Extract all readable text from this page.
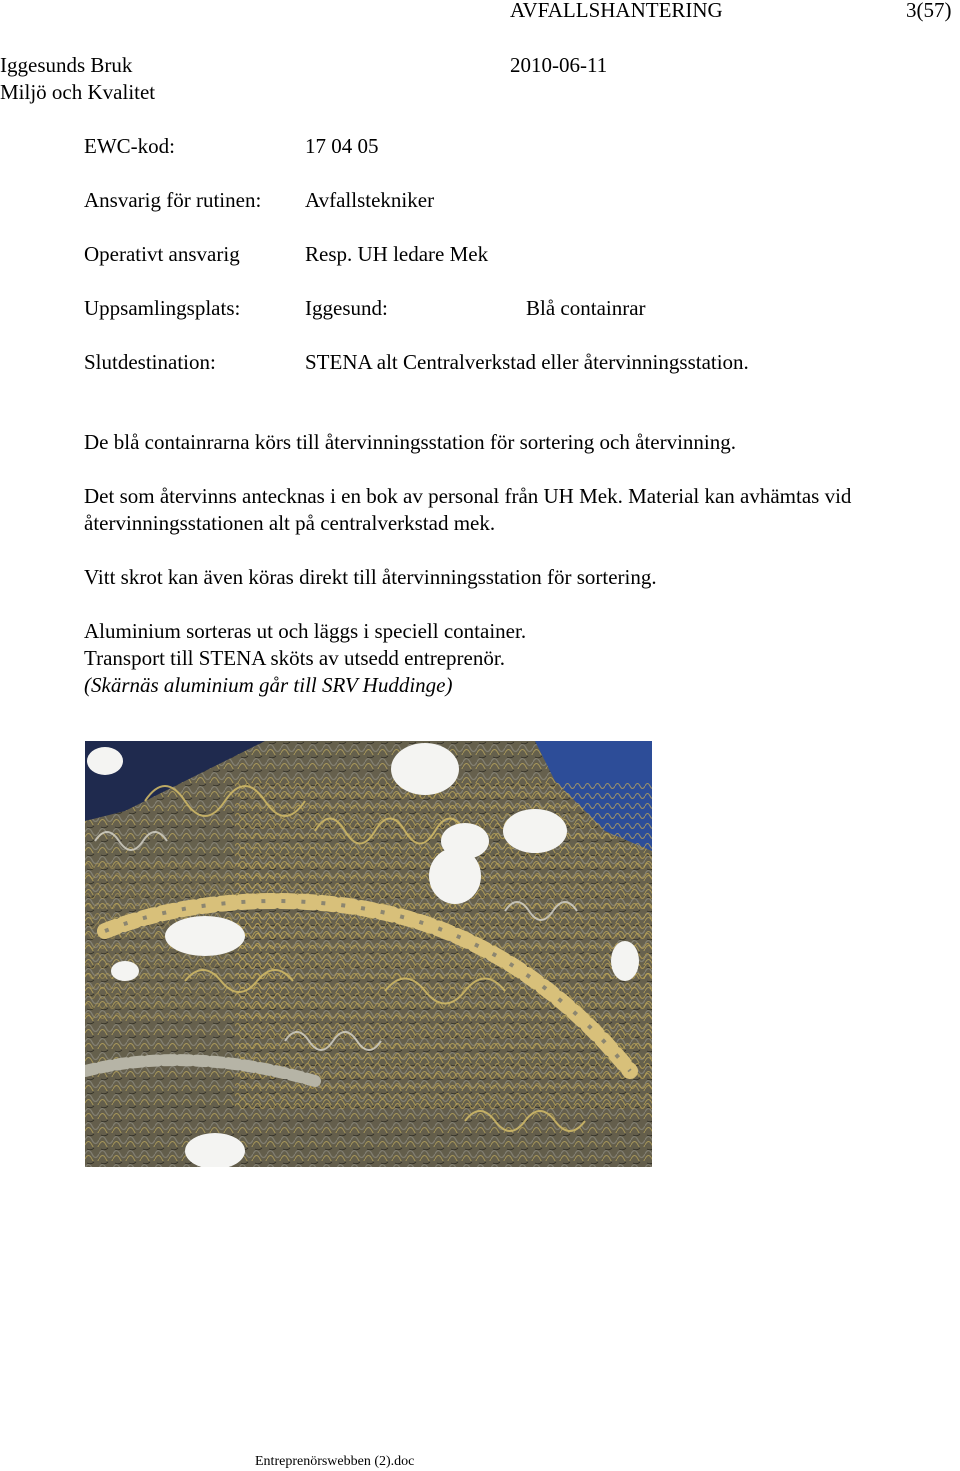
AVFALLSHANTERING	3(57)
Iggesunds Bruk	2010-06-11
Miljö och Kvalitet
EWC-kod:	17 04 05
Ansvarig för rutinen: Avfallstekniker
Operativt ansvarig	Resp. UH ledare Mek
Uppsamlingsplats:	Iggesund:	Blå containrar
Slutdestination:	STENA alt Centralverkstad eller återvinningsstation.

De blå containrarna körs till återvinningsstation för sortering och återvinning.

Det som återvinns antecknas i en bok av personal från UH Mek. Material kan avhämtas vid

återvinningsstationen alt på centralverkstad mek.

Vitt skrot kan även köras direkt till återvinningsstation för sortering.

Aluminium sorteras ut och läggs i speciell container.

Transport till STENA sköts av utsedd entreprenör.

(Skärnäs aluminium går till SRV Huddinge)

Entreprenörswebben (2).doc
